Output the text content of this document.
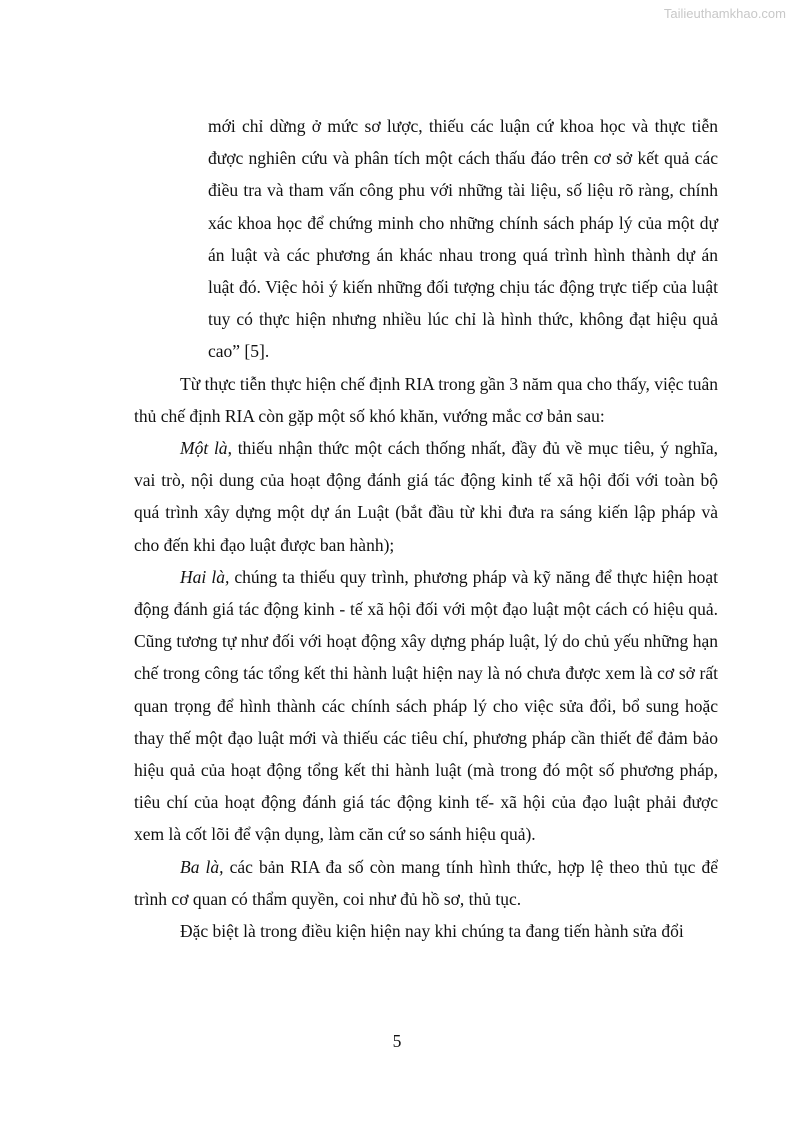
Tailieuthamkhao.com

mới chỉ dừng ở mức sơ lược, thiếu các luận cứ khoa học và thực tiễn được nghiên cứu và phân tích một cách thấu đáo trên cơ sở kết quả các điều tra và tham vấn công phu với những tài liệu, số liệu rõ ràng, chính xác khoa học để chứng minh cho những chính sách pháp lý của một dự án luật và các phương án khác nhau trong quá trình hình thành dự án luật đó. Việc hỏi ý kiến những đối tượng chịu tác động trực tiếp của luật tuy có thực hiện nhưng nhiều lúc chỉ là hình thức, không đạt hiệu quả cao” [5].

Từ thực tiễn thực hiện chế định RIA trong gần 3 năm qua cho thấy, việc tuân thủ chế định RIA còn gặp một số khó khăn, vướng mắc cơ bản sau:

Một là, thiếu nhận thức một cách thống nhất, đầy đủ về mục tiêu, ý nghĩa, vai trò, nội dung của hoạt động đánh giá tác động kinh tế xã hội đối với toàn bộ quá trình xây dựng một dự án Luật (bắt đầu từ khi đưa ra sáng kiến lập pháp và cho đến khi đạo luật được ban hành);

Hai là, chúng ta thiếu quy trình, phương pháp và kỹ năng để thực hiện hoạt động đánh giá tác động kinh - tế xã hội đối với một đạo luật một cách có hiệu quả. Cũng tương tự như đối với hoạt động xây dựng pháp luật, lý do chủ yếu những hạn chế trong công tác tổng kết thi hành luật hiện nay là nó chưa được xem là cơ sở rất quan trọng để hình thành các chính sách pháp lý cho việc sửa đổi, bổ sung hoặc thay thế một đạo luật mới và thiếu các tiêu chí, phương pháp cần thiết để đảm bảo hiệu quả của hoạt động tổng kết thi hành luật (mà trong đó một số phương pháp, tiêu chí của hoạt động đánh giá tác động kinh tế- xã hội của đạo luật phải được xem là cốt lõi để vận dụng, làm căn cứ so sánh hiệu quả).

Ba là, các bản RIA đa số còn mang tính hình thức, hợp lệ theo thủ tục để trình cơ quan có thẩm quyền, coi như đủ hồ sơ, thủ tục.

Đặc biệt là trong điều kiện hiện nay khi chúng ta đang tiến hành sửa đổi

5
